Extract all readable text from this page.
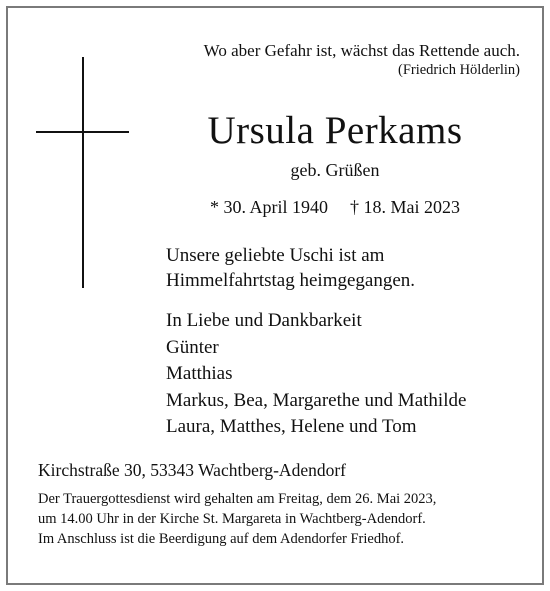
Wo aber Gefahr ist, wächst das Rettende auch.
(Friedrich Hölderlin)
Ursula Perkams
geb. Grüßen
* 30. April 1940 † 18. Mai 2023
Unsere geliebte Uschi ist am
Himmelfahrtstag heimgegangen.
In Liebe und Dankbarkeit
Günter
Matthias
Markus, Bea, Margarethe und Mathilde
Laura, Matthes, Helene und Tom
Kirchstraße 30, 53343 Wachtberg-Adendorf
Der Trauergottesdienst wird gehalten am Freitag, dem 26. Mai 2023,
um 14.00 Uhr in der Kirche St. Margareta in Wachtberg-Adendorf.
Im Anschluss ist die Beerdigung auf dem Adendorfer Friedhof.
